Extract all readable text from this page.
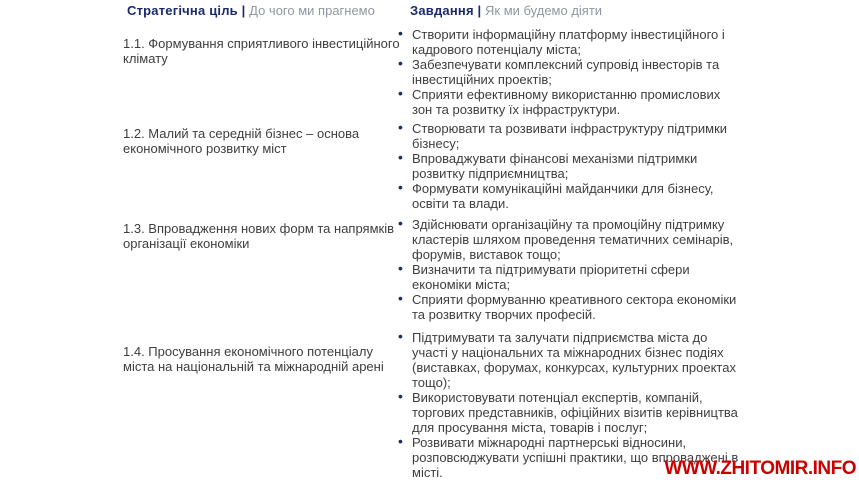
Стратегічна ціль | До чого ми прагнемо	Завдання | Як ми будемо діяти
1.1. Формування сприятливого інвестиційного клімату
• Створити інформаційну платформу інвестиційного і кадрового потенціалу міста;
• Забезпечувати комплексний супровід інвесторів та інвестиційних проектів;
• Сприяти ефективному використанню промислових зон та розвитку їх інфраструктури.
1.2. Малий та середній бізнес – основа економічного розвитку міст
• Створювати та розвивати інфраструктуру підтримки бізнесу;
• Впроваджувати фінансові механізми підтримки розвитку підприємництва;
• Формувати комунікаційні майданчики для бізнесу, освіти та влади.
1.3. Впровадження нових форм та напрямків організації економіки
• Здійснювати організаційну та промоційну підтримку кластерів шляхом проведення тематичних семінарів, форумів, виставок тощо;
• Визначити та підтримувати пріоритетні сфери економіки міста;
• Сприяти формуванню креативного сектора економіки та розвитку творчих професій.
1.4. Просування економічного потенціалу міста на національній та міжнародній арені
• Підтримувати та залучати підприємства міста до участі у національних та міжнародних бізнес подіях (виставках, форумах, конкурсах, культурних проектах тощо);
• Використовувати потенціал експертів, компаній, торгових представників, офіційних візитів керівництва для просування міста, товарів і послуг;
• Розвивати міжнародні партнерські відносини, розповсюджувати успішні практики, що впроваджені в місті.	WWW.ZHITOMIR.INFO
